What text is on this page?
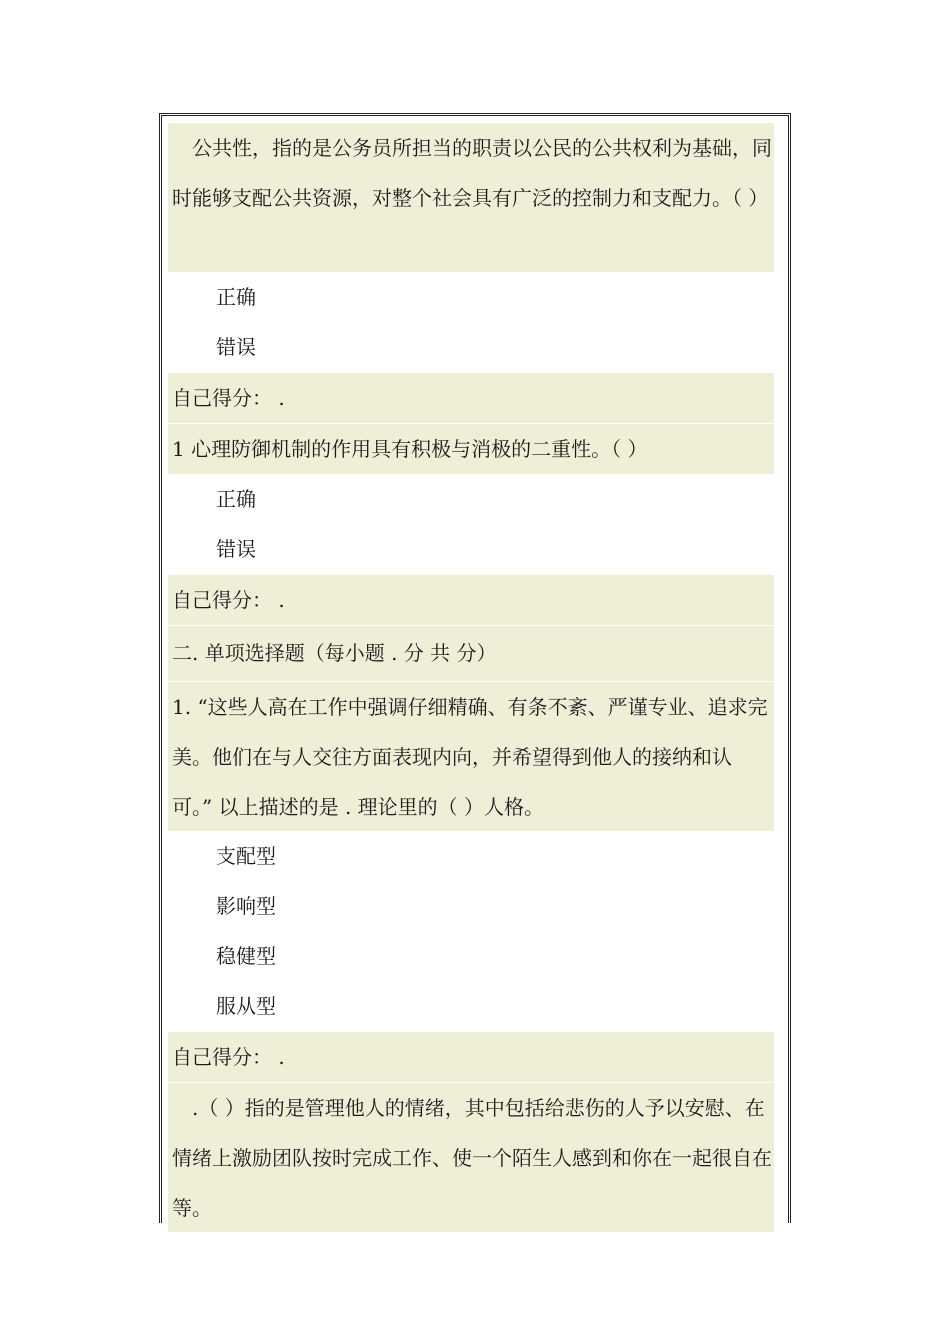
公共性，指的是公务员所担当的职责以公民的公共权利为基础，同时能够支配公共资源，对整个社会具有广泛的控制力和支配力。（ ）
正确
错误
自己得分： .
1 心理防御机制的作用具有积极与消极的二重性。（ ）
正确
错误
自己得分： .
二. 单项选择题（每小题 . 分 共 分）
1. “这些人高在工作中强调仔细精确、有条不紊、严谨专业、追求完美。他们在与人交往方面表现内向，并希望得到他人的接纳和认可。” 以上描述的是 . 理论里的（ ）人格。
支配型
影响型
稳健型
服从型
自己得分： .
.（ ）指的是管理他人的情绪，其中包括给悲伤的人予以安慰、在情绪上激励团队按时完成工作、使一个陌生人感到和你在一起很自在等。
